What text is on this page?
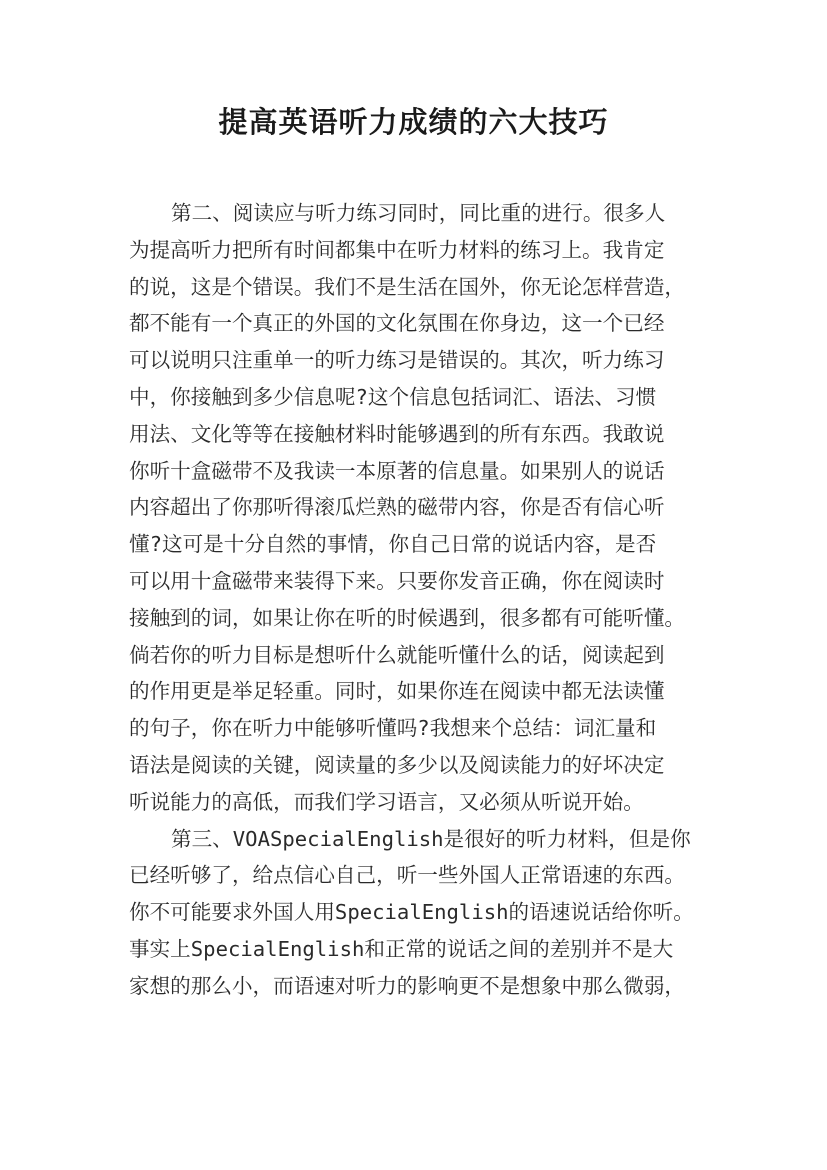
提高英语听力成绩的六大技巧
第二、阅读应与听力练习同时，同比重的进行。很多人
为提高听力把所有时间都集中在听力材料的练习上。我肯定
的说，这是个错误。我们不是生活在国外，你无论怎样营造，
都不能有一个真正的外国的文化氛围在你身边，这一个已经
可以说明只注重单一的听力练习是错误的。其次，听力练习
中，你接触到多少信息呢?这个信息包括词汇、语法、习惯
用法、文化等等在接触材料时能够遇到的所有东西。我敢说
你听十盒磁带不及我读一本原著的信息量。如果别人的说话
内容超出了你那听得滚瓜烂熟的磁带内容，你是否有信心听
懂?这可是十分自然的事情，你自己日常的说话内容，是否
可以用十盒磁带来装得下来。只要你发音正确，你在阅读时
接触到的词，如果让你在听的时候遇到，很多都有可能听懂。
倘若你的听力目标是想听什么就能听懂什么的话，阅读起到
的作用更是举足轻重。同时，如果你连在阅读中都无法读懂
的句子，你在听力中能够听懂吗?我想来个总结：词汇量和
语法是阅读的关键，阅读量的多少以及阅读能力的好坏决定
听说能力的高低，而我们学习语言，又必须从听说开始。
第三、VOASpecialEnglish是很好的听力材料，但是你
已经听够了，给点信心自己，听一些外国人正常语速的东西。
你不可能要求外国人用SpecialEnglish的语速说话给你听。
事实上SpecialEnglish和正常的说话之间的差别并不是大
家想的那么小，而语速对听力的影响更不是想象中那么微弱，
